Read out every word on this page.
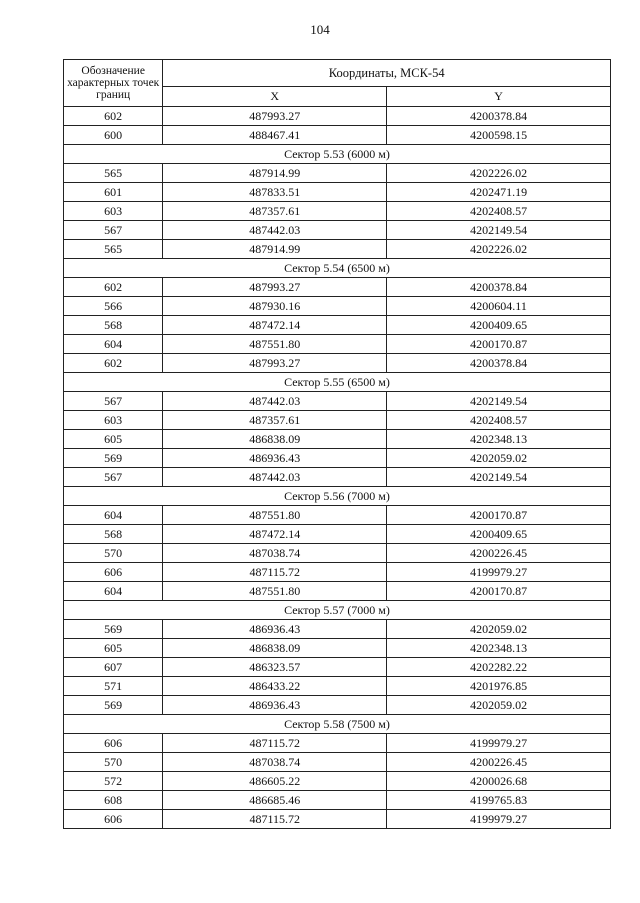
104
Обозначение характерных точек границ	Координаты, МСК-54	
	X	Y
602	487993.27	4200378.84
600	488467.41	4200598.15
Сектор 5.53 (6000 м)		
565	487914.99	4202226.02
601	487833.51	4202471.19
603	487357.61	4202408.57
567	487442.03	4202149.54
565	487914.99	4202226.02
Сектор 5.54 (6500 м)		
602	487993.27	4200378.84
566	487930.16	4200604.11
568	487472.14	4200409.65
604	487551.80	4200170.87
602	487993.27	4200378.84
Сектор 5.55 (6500 м)		
567	487442.03	4202149.54
603	487357.61	4202408.57
605	486838.09	4202348.13
569	486936.43	4202059.02
567	487442.03	4202149.54
Сектор 5.56 (7000 м)		
604	487551.80	4200170.87
568	487472.14	4200409.65
570	487038.74	4200226.45
606	487115.72	4199979.27
604	487551.80	4200170.87
Сектор 5.57 (7000 м)		
569	486936.43	4202059.02
605	486838.09	4202348.13
607	486323.57	4202282.22
571	486433.22	4201976.85
569	486936.43	4202059.02
Сектор 5.58 (7500 м)		
606	487115.72	4199979.27
570	487038.74	4200226.45
572	486605.22	4200026.68
608	486685.46	4199765.83
606	487115.72	4199979.27
